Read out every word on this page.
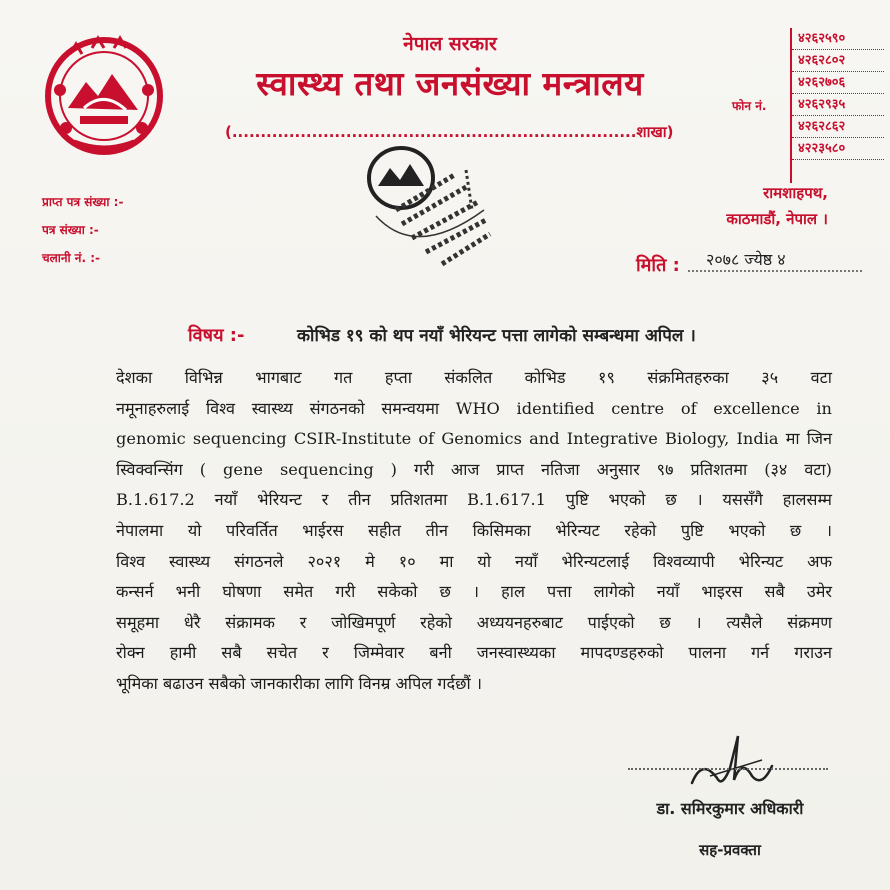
नेपाल सरकार
स्वास्थ्य तथा जनसंख्या मन्त्रालय
(.......................................................................शाखा)
फोन नं.
४२६२५९०
४२६२८०२
४२६२७०६
४२६२९३५
४२६२८६२
४२२३५८०
प्राप्त पत्र संख्या :-
पत्र संख्या :-
चलानी नं. :-
रामशाहपथ,
काठमाडौं, नेपाल ।
मिति :	२०७८ ज्येष्ठ ४
विषय :-	कोभिड १९ को थप नयाँ भेरियन्ट पत्ता लागेको सम्बन्धमा अपिल ।
देशका विभिन्न भागबाट गत हप्ता संकलित कोभिड १९ संक्रमितहरुका ३५ वटा
नमूनाहरुलाई विश्व स्वास्थ्य संगठनको समन्वयमा WHO identified centre of excellence in
genomic sequencing CSIR-Institute of Genomics and Integrative Biology, India मा जिन
स्विक्वन्सिंग ( gene sequencing ) गरी आज प्राप्त नतिजा अनुसार ९७ प्रतिशतमा (३४ वटा)
B.1.617.2 नयाँ भेरियन्ट र तीन प्रतिशतमा B.1.617.1 पुष्टि भएको छ । यससँगै हालसम्म
नेपालमा यो परिवर्तित भाईरस सहीत तीन किसिमका भेरिन्यट रहेको पुष्टि भएको छ ।
विश्व स्वास्थ्य संगठनले २०२१ मे १० मा यो नयाँ भेरिन्यटलाई विश्वव्यापी भेरिन्यट अफ
कन्सर्न भनी घोषणा समेत गरी सकेको छ । हाल पत्ता लागेको नयाँ भाइरस सबै उमेर
समूहमा धेरै संक्रामक र जोखिमपूर्ण रहेको अध्ययनहरुबाट पाईएको छ । त्यसैले संक्रमण
रोक्न हामी सबै सचेत र जिम्मेवार बनी जनस्वास्थ्यका मापदण्डहरुको पालना गर्न गराउन
भूमिका बढाउन सबैको जानकारीका लागि विनम्र अपिल गर्दछौं ।
डा. समिरकुमार अधिकारी
सह-प्रवक्ता
